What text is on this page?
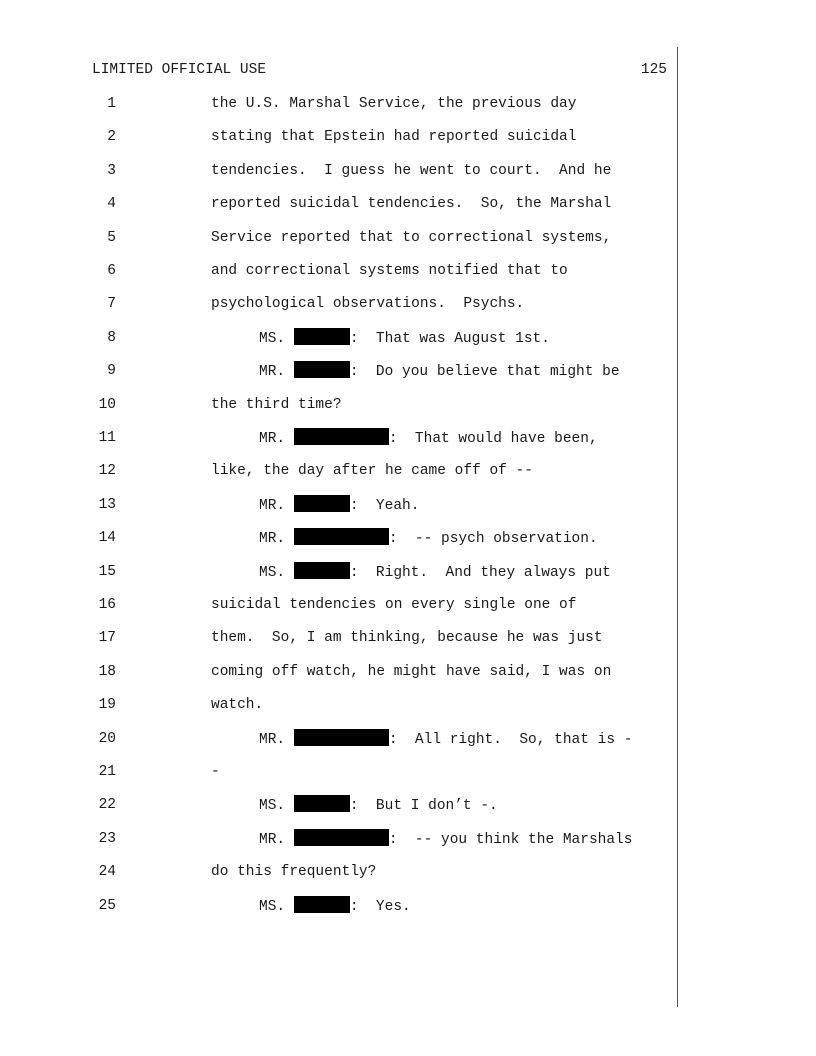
LIMITED OFFICIAL USE	125
1	the U.S. Marshal Service, the previous day
2	stating that Epstein had reported suicidal
3	tendencies.  I guess he went to court.  And he
4	reported suicidal tendencies.  So, the Marshal
5	Service reported that to correctional systems,
6	and correctional systems notified that to
7	psychological observations.  Psychs.
8	MS.	:  That was August 1st.
9	MR.	:  Do you believe that might be
10	the third time?
11	MR.	:  That would have been,
12	like, the day after he came off of --
13	MR.	:  Yeah.
14	MR.	:  -- psych observation.
15	MS.	:  Right.  And they always put
16	suicidal tendencies on every single one of
17	them.  So, I am thinking, because he was just
18	coming off watch, he might have said, I was on
19	watch.
20	MR.	:  All right.  So, that is -
21	-
22	MS.	:  But I don’t -.
23	MR.	:  -- you think the Marshals
24	do this frequently?
25	MS.	:  Yes.
